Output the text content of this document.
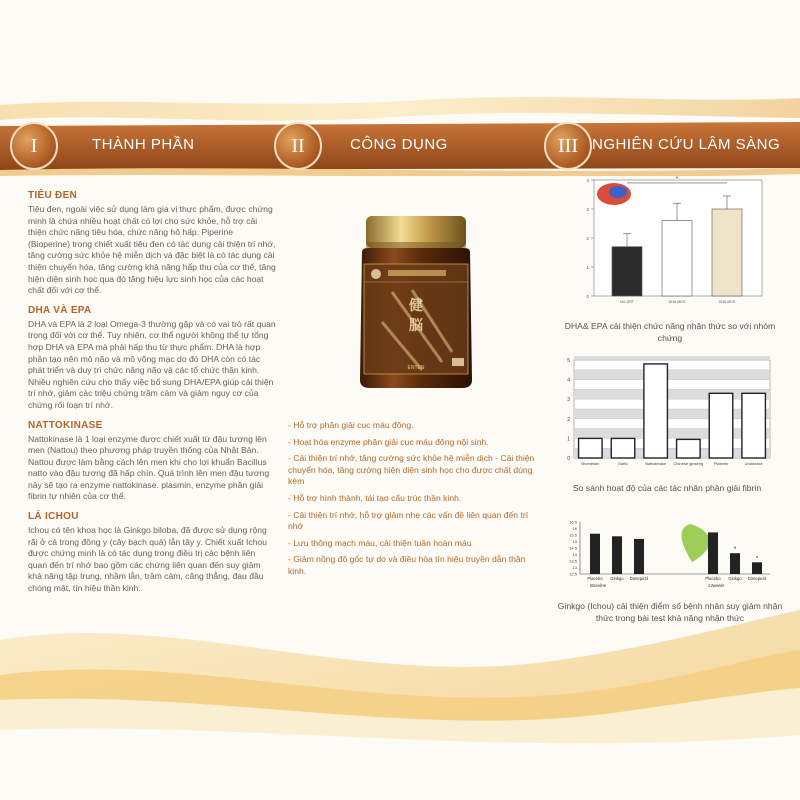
I	THÀNH PHẦN	II	CÔNG DỤNG	III NGHIÊN CỨU LÂM SÀNG
TIÊU ĐEN
Tiêu đen, ngoài việc sử dụng làm gia vị thực phẩm, được chứng minh là chứa nhiều hoạt chất có lợi cho sức khỏe, hỗ trợ cải thiện chức năng tiêu hóa, chức năng hô hấp. Piperine (Bioperine) trong chiết xuất tiêu đen có tác dụng cải thiện trí nhớ, tăng cường sức khỏe hệ miễn dịch và đặc biệt là có tác dụng cải thiện chuyển hóa, tăng cường khả năng hấp thu của cơ thể, tăng hiện diện sinh học qua đó tăng hiệu lực sinh học của các hoạt chất đối với cơ thể.
DHA VÀ EPA
DHA và EPA là 2 loại Omega-3 thường gặp và có vai trò rất quan trọng đối với cơ thể. Tuy nhiên, cơ thể người không thể tự tổng hợp DHA và EPA mà phải hấp thu từ thực phẩm. DHA là hợp phần tạo nên mô não và mô võng mạc do đó DHA còn có tác phát triển và duy trì chức năng não và các tổ chức thần kinh. Nhiều nghiên cứu cho thấy việc bổ sung DHA/EPA giúp cải thiện trí nhớ, giảm các triệu chứng trầm cảm và giảm nguy cơ của chứng rối loạn trí nhớ.
NATTOKINASE
Nattokinase là 1 loại enzyme được chiết xuất từ đậu tương lên men (Nattou) theo phương pháp truyền thống của Nhật Bản. Nattou được làm bằng cách lên men khi cho lợi khuẩn Bacillus natto vào đậu tương đã hấp chín. Quá trình lên men đậu tương này sẽ tạo ra enzyme nattokinase. plasmin, enzyme phân giải fibrin tự nhiên của cơ thể.
LÁ ICHOU
Ichou có tên khoa học là Ginkgo biloba, đã được sử dụng rộng rãi ở cả trong đông y (cây bạch quả) lẫn tây y. Chiết xuất Ichou được chứng minh là có tác dụng trong điều trị các bệnh liên quan đến trí nhớ bao gồm các chứng liên quan đến suy giảm khả năng tập trung, nhầm lẫn, trầm cảm, căng thẳng, đau đầu chóng mặt, tín hiệu thần kinh.
健
脳
ENTEN
- Hỗ trợ phân giải cục máu đông.
- Hoạt hóa enzyme phân giải cục máu đông nội sinh.
- Cải thiện trí nhớ, tăng cường sức khỏe hệ miễn dịch - Cải thiện chuyển hóa, tăng cường hiện diện sinh học cho được chất dùng kèm
- Hỗ trợ hình thành, tái tạo cấu trúc thần kinh.
- Cải thiện trí nhớ, hỗ trợ giảm nhẹ các vấn đề liên quan đến trí nhớ
- Lưu thông mạch máu, cải thiện tuần hoàn máu
- Giảm nồng độ gốc tự do và điều hòa tín hiệu truyền dẫn thần kinh.
0
1
2
3
4
NO-DRT	DHA-MDS	DHA-MDS
*
DHA& EPA cải thiện chức năng nhận thức so với nhóm chứng
0
1
2
3
4
5
Bromelain	Garlic	Nattokinase Chinese ginseng	Plasmin	Urokinase
So sánh hoạt độ của các tác nhân phân giải fibrin
12.5
13
13.5
14
14.5
15
15.5
16
16.5
Placebo Ginkgo Donepezil	Placebo Ginkgo Donepezil
*
*
Baseline	24weeks
Ginkgo (Ichou) cải thiện điểm số bệnh nhân suy giảm nhận thức trong bài test khả năng nhận thức
